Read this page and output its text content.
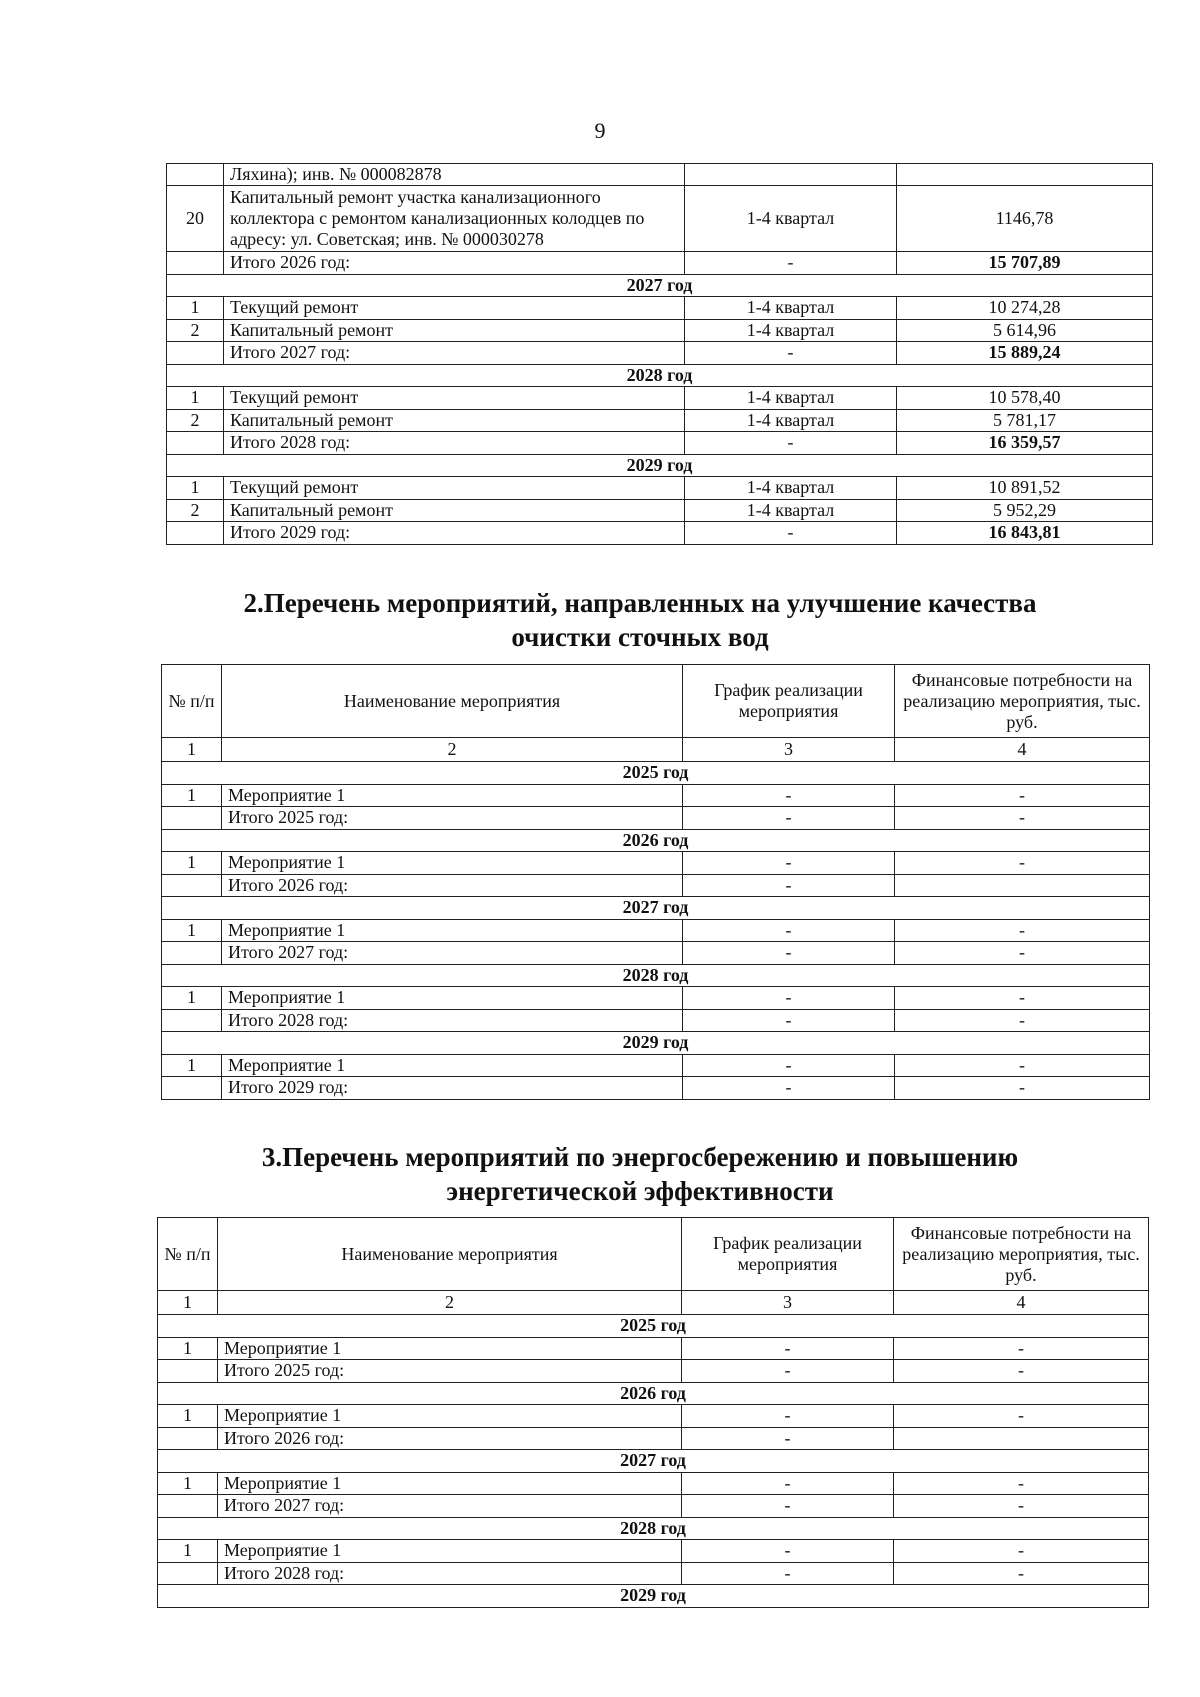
9
	Ляхина); инв. № 000082878		
20	Капитальный ремонт участка канализационного коллектора с ремонтом канализационных колодцев по адресу: ул. Советская; инв. № 000030278	1-4 квартал	1146,78
	Итого 2026 год:	-	15 707,89
2027 год			
1	Текущий ремонт	1-4 квартал	10 274,28
2	Капитальный ремонт	1-4 квартал	5 614,96
	Итого 2027 год:	-	15 889,24
2028 год			
1	Текущий ремонт	1-4 квартал	10 578,40
2	Капитальный ремонт	1-4 квартал	5 781,17
	Итого 2028 год:	-	16 359,57
2029 год			
1	Текущий ремонт	1-4 квартал	10 891,52
2	Капитальный ремонт	1-4 квартал	5 952,29
	Итого 2029 год:	-	16 843,81
2.Перечень мероприятий, направленных на улучшение качества
очистки сточных вод
№ п/п	Наименование мероприятия	График реализации мероприятия	Финансовые потребности на реализацию мероприятия, тыс. руб.
1	2	3	4
2025 год			
1	Мероприятие 1	-	-
	Итого 2025 год:	-	-
2026 год			
1	Мероприятие 1	-	-
	Итого 2026 год:	-	
2027 год			
1	Мероприятие 1	-	-
	Итого 2027 год:	-	-
2028 год			
1	Мероприятие 1	-	-
	Итого 2028 год:	-	-
2029 год			
1	Мероприятие 1	-	-
	Итого 2029 год:	-	-
3.Перечень мероприятий по энергосбережению и повышению
энергетической эффективности
№ п/п	Наименование мероприятия	График реализации мероприятия	Финансовые потребности на реализацию мероприятия, тыс. руб.
1	2	3	4
2025 год			
1	Мероприятие 1	-	-
	Итого 2025 год:	-	-
2026 год			
1	Мероприятие 1	-	-
	Итого 2026 год:	-	
2027 год			
1	Мероприятие 1	-	-
	Итого 2027 год:	-	-
2028 год			
1	Мероприятие 1	-	-
	Итого 2028 год:	-	-
2029 год			
